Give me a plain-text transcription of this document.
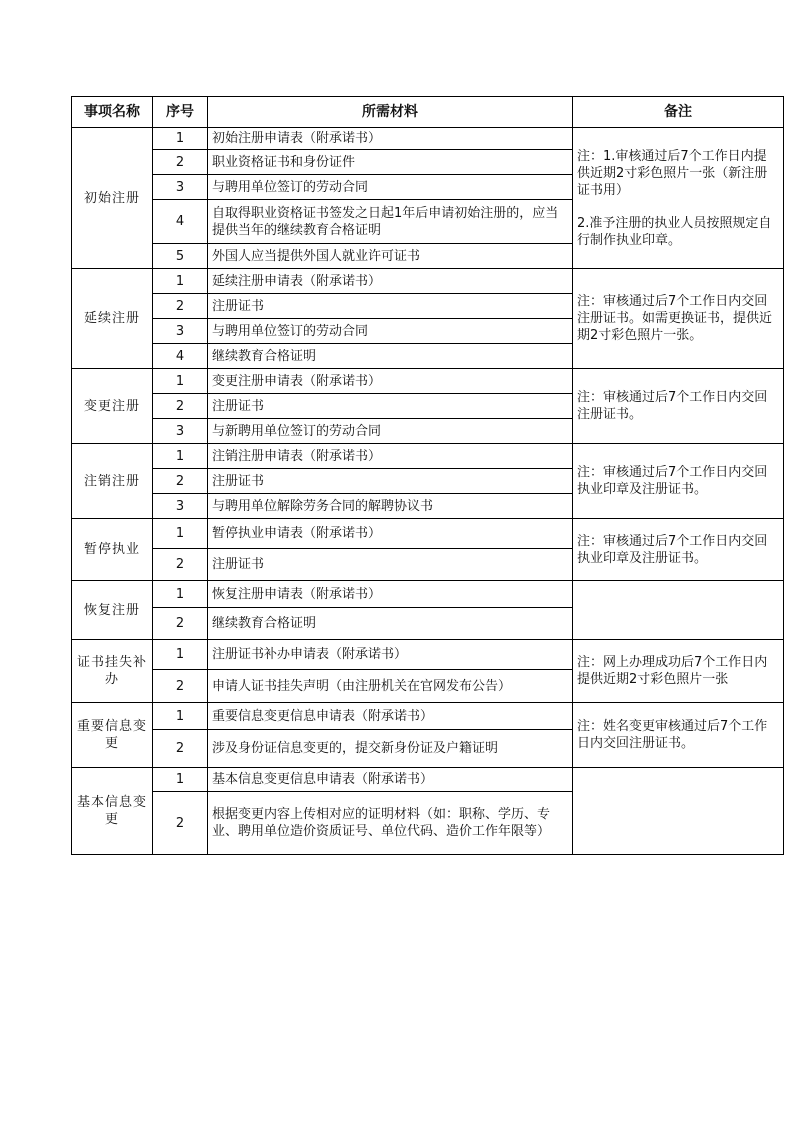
事项名称	序号	所需材料	备注
初始注册	1	初始注册申请表（附承诺书）	注：1.审核通过后7个工作日内提供近期2寸彩色照片一张（新注册证书用）
2.准予注册的执业人员按照规定自行制作执业印章。

	2	职业资格证书和身份证件	
	3	与聘用单位签订的劳动合同	
	4	自取得职业资格证书签发之日起1年后申请初始注册的，应当提供当年的继续教育合格证明	
	5	外国人应当提供外国人就业许可证书	
延续注册	1	延续注册申请表（附承诺书）	注：审核通过后7个工作日内交回注册证书。如需更换证书，提供近期2寸彩色照片一张。

	2	注册证书	
	3	与聘用单位签订的劳动合同	
	4	继续教育合格证明	
变更注册	1	变更注册申请表（附承诺书）	注：审核通过后7个工作日内交回注册证书。

	2	注册证书	
	3	与新聘用单位签订的劳动合同	
注销注册	1	注销注册申请表（附承诺书）	注：审核通过后7个工作日内交回执业印章及注册证书。

	2	注册证书	
	3	与聘用单位解除劳务合同的解聘协议书	
暂停执业	1	暂停执业申请表（附承诺书）	注：审核通过后7个工作日内交回执业印章及注册证书。

	2	注册证书	
恢复注册	1	恢复注册申请表（附承诺书）	
	2	继续教育合格证明	
证书挂失补办	1	注册证书补办申请表（附承诺书）	注：网上办理成功后7个工作日内提供近期2寸彩色照片一张

	2	申请人证书挂失声明（由注册机关在官网发布公告）	
重要信息变更	1	重要信息变更信息申请表（附承诺书）	注：姓名变更审核通过后7个工作日内交回注册证书。

	2	涉及身份证信息变更的，提交新身份证及户籍证明	
基本信息变更	1	基本信息变更信息申请表（附承诺书）	
	2	根据变更内容上传相对应的证明材料（如：职称、学历、专业、聘用单位造价资质证号、单位代码、造价工作年限等）	
